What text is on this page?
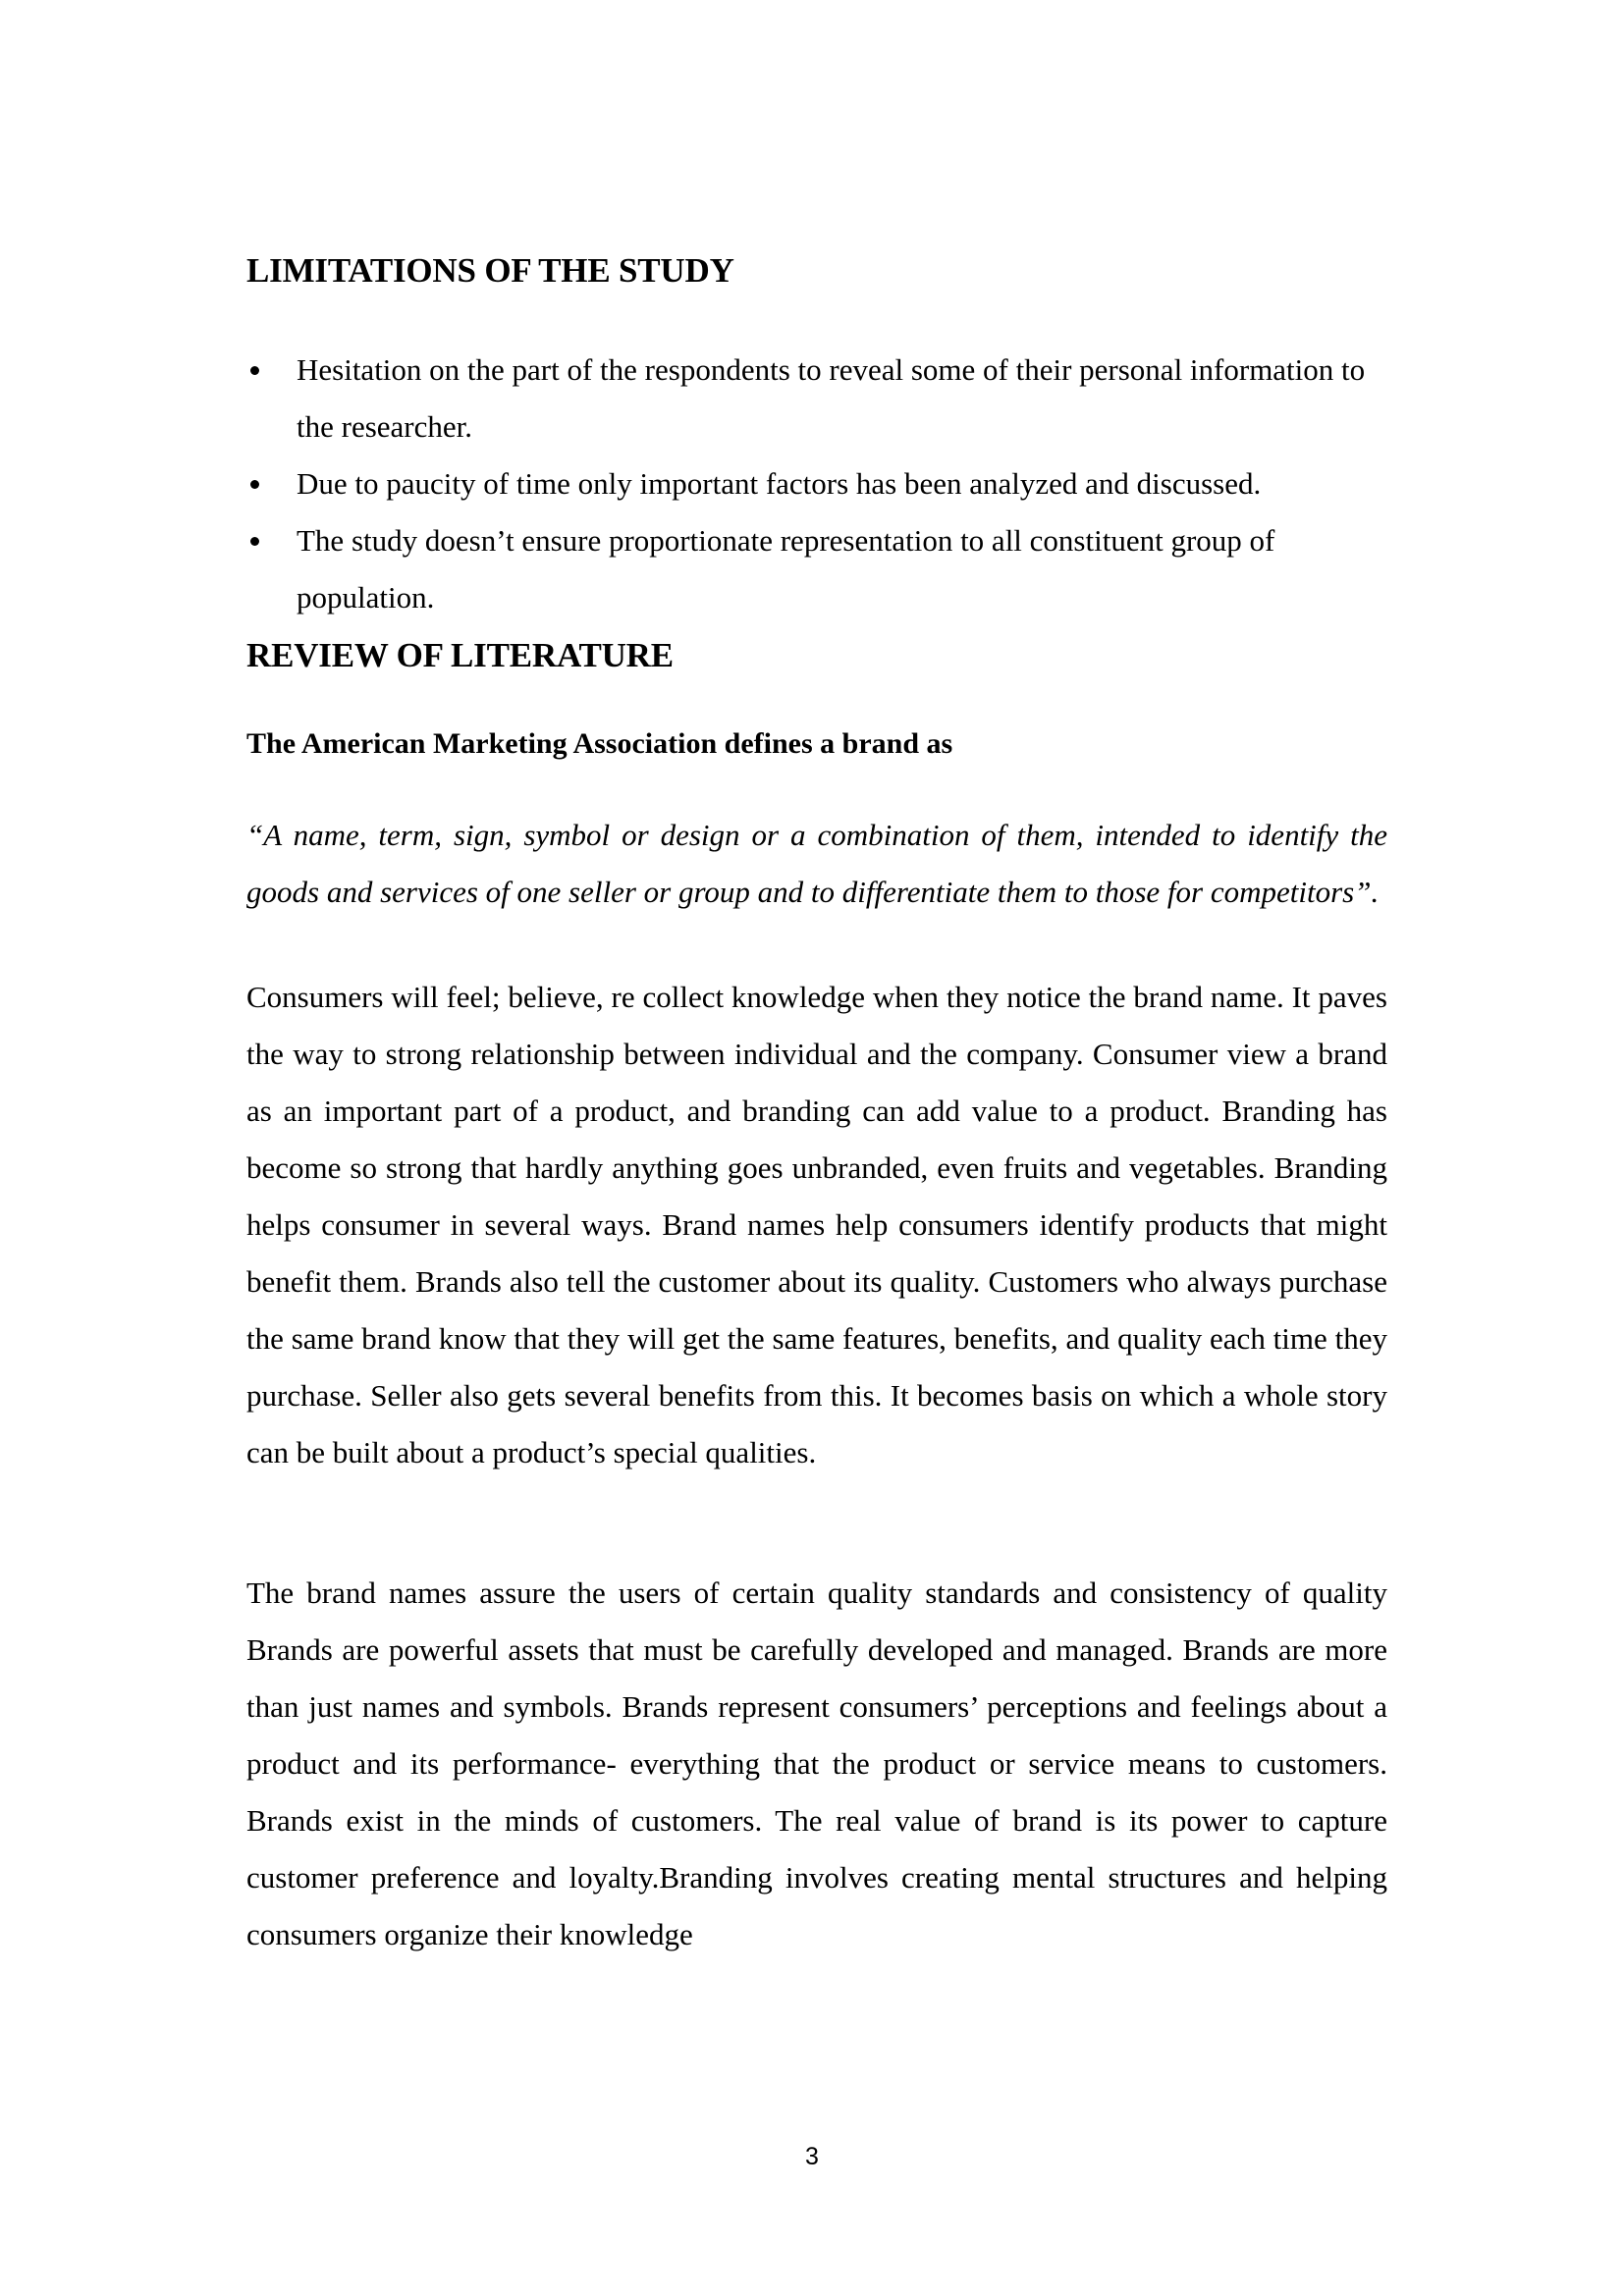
LIMITATIONS OF THE STUDY
Hesitation on the part of the respondents to reveal some of their personal information to the researcher.
Due to paucity of time only important factors has been analyzed and discussed.
The study doesn’t ensure proportionate representation to all constituent group of population.
REVIEW OF LITERATURE

The American Marketing Association defines a brand as

“A name, term, sign, symbol or design or a combination of them, intended to identify the goods and services of one seller or group and to differentiate them to those for competitors”.

Consumers will feel; believe, re collect knowledge when they notice the brand name. It paves the way to strong relationship between individual and the company. Consumer view a brand as an important part of a product, and branding can add value to a product. Branding has become so strong that hardly anything goes unbranded, even fruits and vegetables. Branding helps consumer in several ways. Brand names help consumers identify products that might benefit them. Brands also tell the customer about its quality. Customers who always purchase the same brand know that they will get the same features, benefits, and quality each time they purchase. Seller also gets several benefits from this. It becomes basis on which a whole story can be built about a product’s special qualities.

The brand names assure the users of certain quality standards and consistency of quality Brands are powerful assets that must be carefully developed and managed. Brands are more than just names and symbols. Brands represent consumers’ perceptions and feelings about a product and its performance- everything that the product or service means to customers. Brands exist in the minds of customers. The real value of brand is its power to capture customer preference and loyalty.Branding involves creating mental structures and helping consumers organize their knowledge

3
